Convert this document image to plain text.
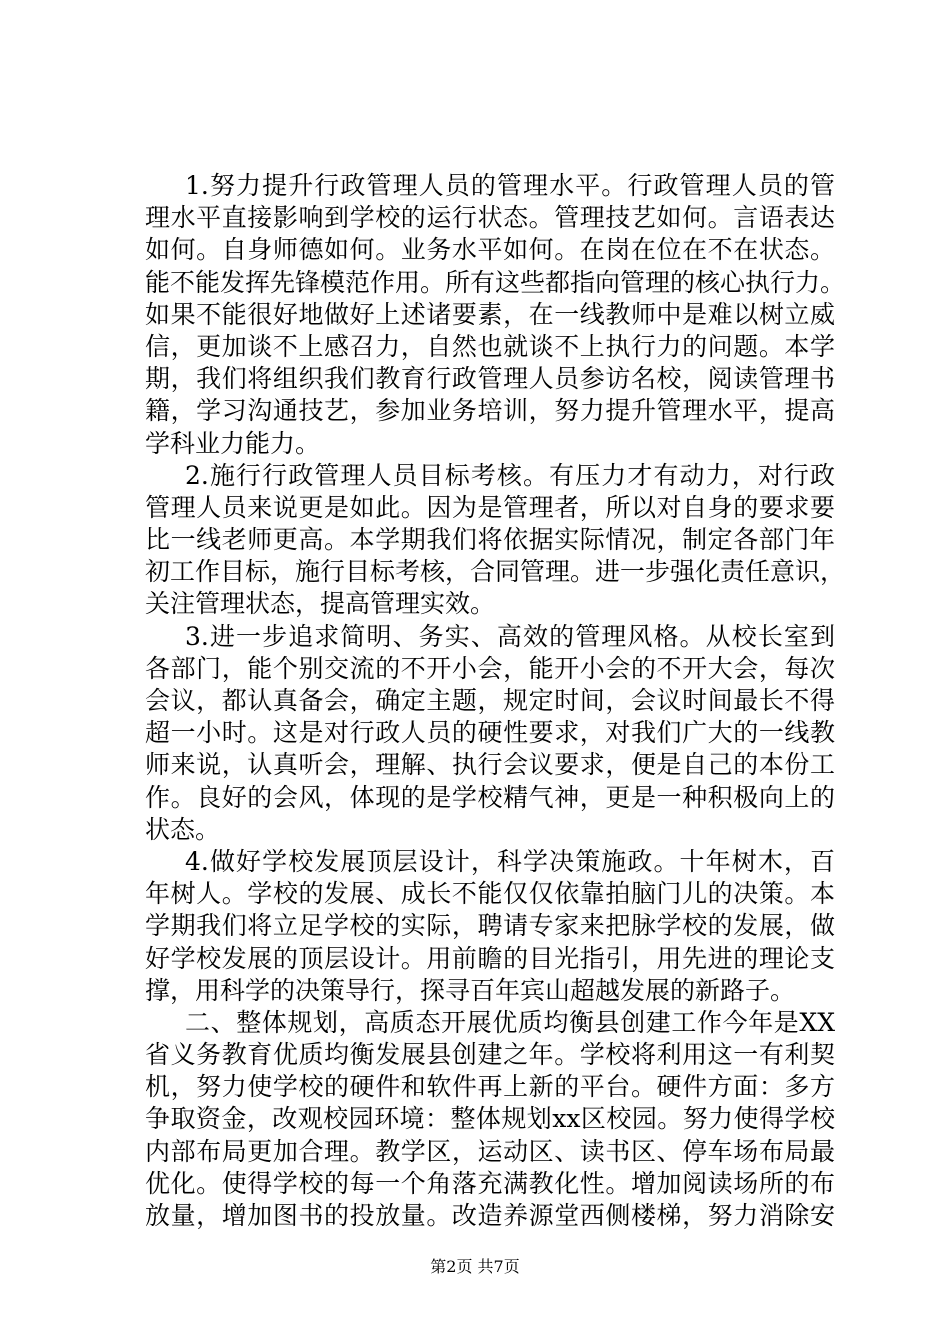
1.努力提升行政管理人员的管理水平。行政管理人员的管
理水平直接影响到学校的运行状态。管理技艺如何。言语表达
如何。自身师德如何。业务水平如何。在岗在位在不在状态。
能不能发挥先锋模范作用。所有这些都指向管理的核心执行力。
如果不能很好地做好上述诸要素，在一线教师中是难以树立威
信，更加谈不上感召力，自然也就谈不上执行力的问题。本学
期，我们将组织我们教育行政管理人员参访名校，阅读管理书
籍，学习沟通技艺，参加业务培训，努力提升管理水平，提高
学科业力能力。
2.施行行政管理人员目标考核。有压力才有动力，对行政
管理人员来说更是如此。因为是管理者，所以对自身的要求要
比一线老师更高。本学期我们将依据实际情况，制定各部门年
初工作目标，施行目标考核，合同管理。进一步强化责任意识，
关注管理状态，提高管理实效。
3.进一步追求简明、务实、高效的管理风格。从校长室到
各部门，能个别交流的不开小会，能开小会的不开大会，每次
会议，都认真备会，确定主题，规定时间，会议时间最长不得
超一小时。这是对行政人员的硬性要求，对我们广大的一线教
师来说，认真听会，理解、执行会议要求，便是自己的本份工
作。良好的会风，体现的是学校精气神，更是一种积极向上的
状态。
4.做好学校发展顶层设计，科学决策施政。十年树木，百
年树人。学校的发展、成长不能仅仅依靠拍脑门儿的决策。本
学期我们将立足学校的实际，聘请专家来把脉学校的发展，做
好学校发展的顶层设计。用前瞻的目光指引，用先进的理论支
撑，用科学的决策导行，探寻百年宾山超越发展的新路子。
二、整体规划，高质态开展优质均衡县创建工作今年是XX
省义务教育优质均衡发展县创建之年。学校将利用这一有利契
机，努力使学校的硬件和软件再上新的平台。硬件方面：多方
争取资金，改观校园环境：整体规划xx区校园。努力使得学校
内部布局更加合理。教学区，运动区、读书区、停车场布局最
优化。使得学校的每一个角落充满教化性。增加阅读场所的布
放量，增加图书的投放量。改造养源堂西侧楼梯，努力消除安
第2页 共7页
